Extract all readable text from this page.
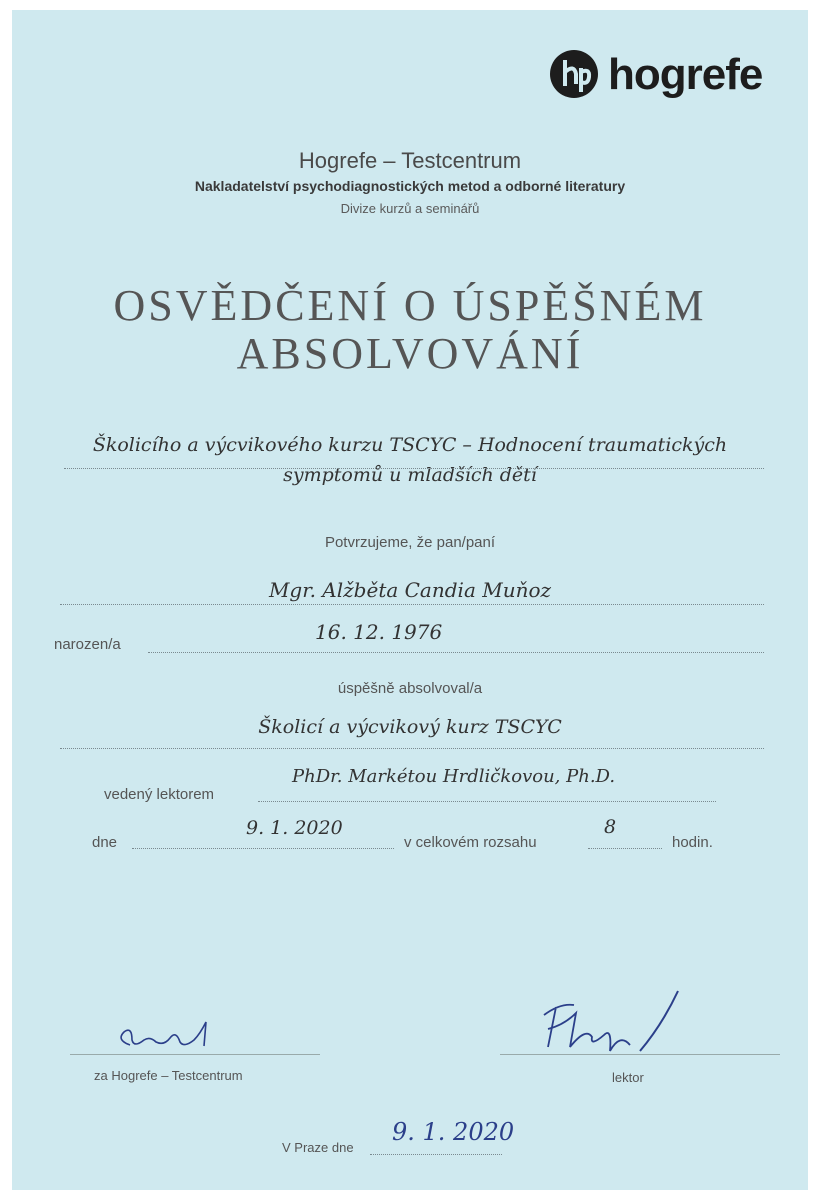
hogrefe
Hogrefe – Testcentrum
Nakladatelství psychodiagnostických metod a odborné literatury
Divize kurzů a seminářů
OSVĚDČENÍ O ÚSPĚŠNÉM
ABSOLVOVÁNÍ
Školicího a výcvikového kurzu TSCYC – Hodnocení traumatických
symptomů u mladších dětí
Potvrzujeme, že pan/paní
Mgr. Alžběta Candia Muňoz
narozen/a
16. 12. 1976
úspěšně absolvoval/a
Školicí a výcvikový kurz TSCYC
vedený lektorem
PhDr. Markétou Hrdličkovou, Ph.D.
dne
9. 1. 2020
v celkovém rozsahu
8
hodin.
za Hogrefe – Testcentrum	lektor
V Praze dne
9. 1. 2020
